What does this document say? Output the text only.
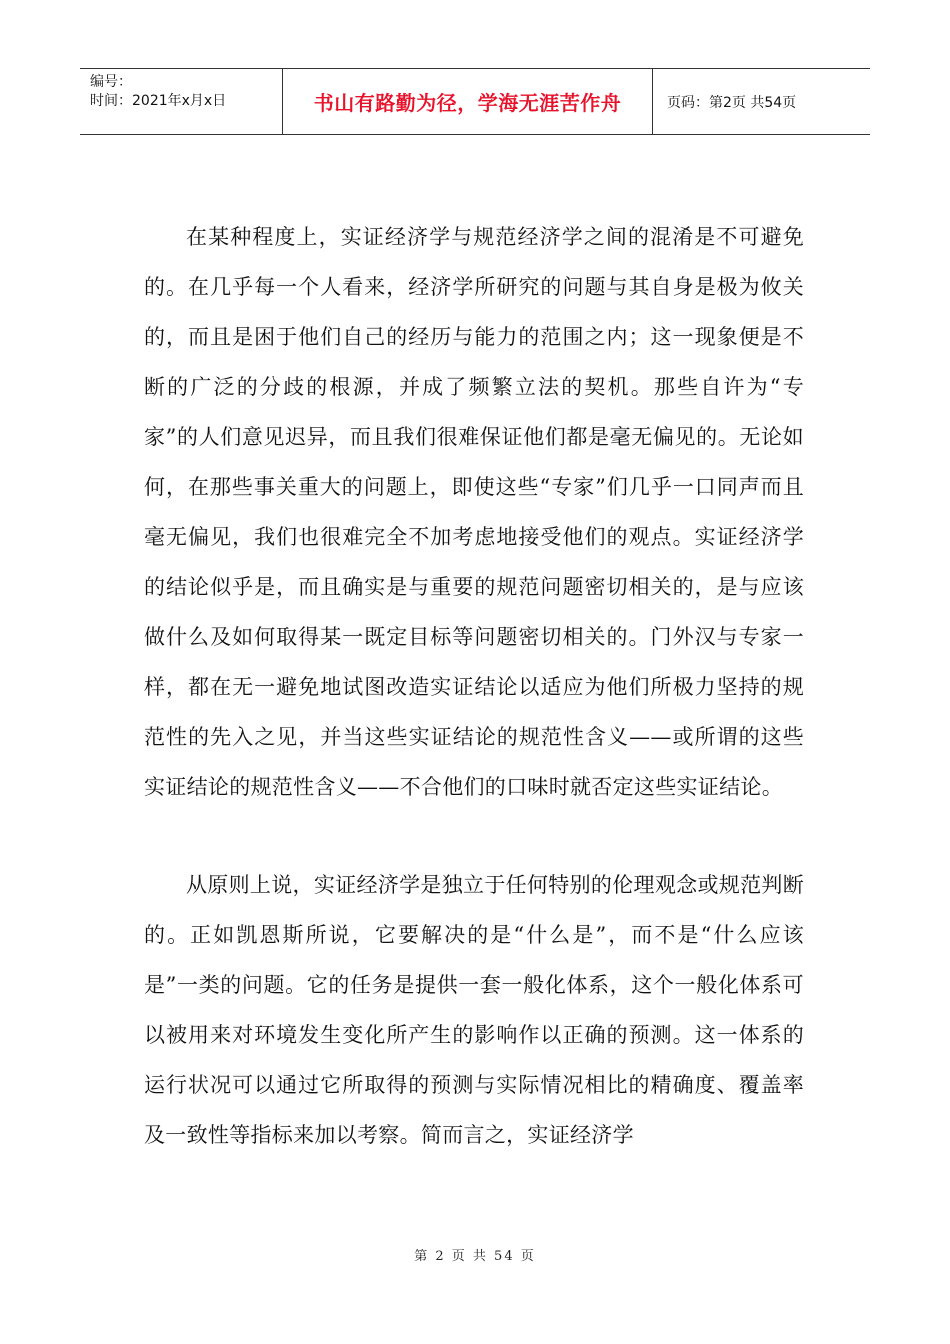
编号：
时间：2021年x月x日	书山有路勤为径，学海无涯苦作舟	页码：第2页 共54页

在某种程度上，实证经济学与规范经济学之间的混淆是不可避免的。在几乎每一个人看来，经济学所研究的问题与其自身是极为攸关的，而且是困于他们自己的经历与能力的范围之内；这一现象便是不断的广泛的分歧的根源，并成了频繁立法的契机。那些自许为“专家”的人们意见迟异，而且我们很难保证他们都是毫无偏见的。无论如何，在那些事关重大的问题上，即使这些“专家”们几乎一口同声而且毫无偏见，我们也很难完全不加考虑地接受他们的观点。实证经济学的结论似乎是，而且确实是与重要的规范问题密切相关的，是与应该做什么及如何取得某一既定目标等问题密切相关的。门外汉与专家一样，都在无一避免地试图改造实证结论以适应为他们所极力坚持的规范性的先入之见，并当这些实证结论的规范性含义——或所谓的这些实证结论的规范性含义——不合他们的口味时就否定这些实证结论。

从原则上说，实证经济学是独立于任何特别的伦理观念或规范判断的。正如凯恩斯所说，它要解决的是“什么是”，而不是“什么应该是”一类的问题。它的任务是提供一套一般化体系，这个一般化体系可以被用来对环境发生变化所产生的影响作以正确的预测。这一体系的运行状况可以通过它所取得的预测与实际情况相比的精确度、覆盖率及一致性等指标来加以考察。简而言之，实证经济学

第 2 页 共 54 页
